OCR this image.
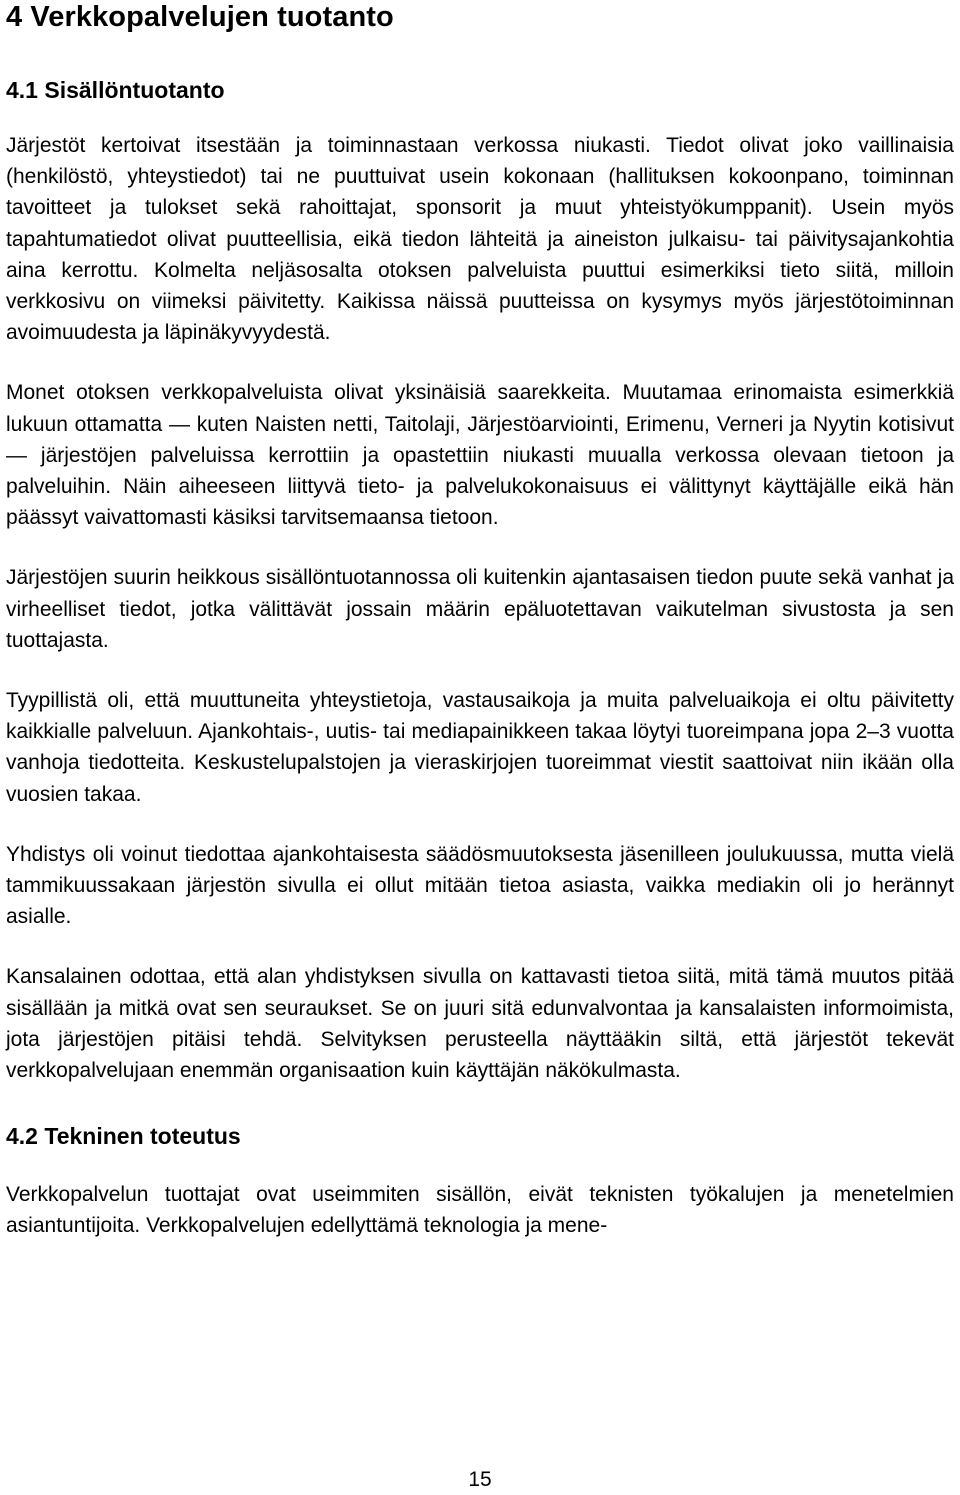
4 Verkkopalvelujen tuotanto
4.1 Sisällöntuotanto

Järjestöt kertoivat itsestään ja toiminnastaan verkossa niukasti. Tiedot olivat joko vaillinaisia (henkilöstö, yhteystiedot) tai ne puuttuivat usein kokonaan (hallituksen kokoonpano, toiminnan tavoitteet ja tulokset sekä rahoittajat, sponsorit ja muut yhteistyökumppanit). Usein myös tapahtumatiedot olivat puutteellisia, eikä tiedon lähteitä ja aineiston julkaisu- tai päivitysajankohtia aina kerrottu. Kolmelta neljäsosalta otoksen palveluista puuttui esimerkiksi tieto siitä, milloin verkkosivu on viimeksi päivitetty. Kaikissa näissä puutteissa on kysymys myös järjestötoiminnan avoimuudesta ja läpinäkyvyydestä.

Monet otoksen verkkopalveluista olivat yksinäisiä saarekkeita. Muutamaa erinomaista esimerkkiä lukuun ottamatta — kuten Naisten netti, Taitolaji, Järjestöarviointi, Erimenu, Verneri ja Nyytin kotisivut — järjestöjen palveluissa kerrottiin ja opastettiin niukasti muualla verkossa olevaan tietoon ja palveluihin. Näin aiheeseen liittyvä tieto- ja palvelukokonaisuus ei välittynyt käyttäjälle eikä hän päässyt vaivattomasti käsiksi tarvitsemaansa tietoon.

Järjestöjen suurin heikkous sisällöntuotannossa oli kuitenkin ajantasaisen tiedon puute sekä vanhat ja virheelliset tiedot, jotka välittävät jossain määrin epäluotettavan vaikutelman sivustosta ja sen tuottajasta.

Tyypillistä oli, että muuttuneita yhteystietoja, vastausaikoja ja muita palveluaikoja ei oltu päivitetty kaikkialle palveluun. Ajankohtais-, uutis- tai mediapainikkeen takaa löytyi tuoreimpana jopa 2–3 vuotta vanhoja tiedotteita. Keskustelupalstojen ja vieraskirjojen tuoreimmat viestit saattoivat niin ikään olla vuosien takaa.

Yhdistys oli voinut tiedottaa ajankohtaisesta säädösmuutoksesta jäsenilleen joulukuussa, mutta vielä tammikuussakaan järjestön sivulla ei ollut mitään tietoa asiasta, vaikka mediakin oli jo herännyt asialle.

Kansalainen odottaa, että alan yhdistyksen sivulla on kattavasti tietoa siitä, mitä tämä muutos pitää sisällään ja mitkä ovat sen seuraukset. Se on juuri sitä edunvalvontaa ja kansalaisten informoimista, jota järjestöjen pitäisi tehdä. Selvityksen perusteella näyttääkin siltä, että järjestöt tekevät verkkopalvelujaan enemmän organisaation kuin käyttäjän näkökulmasta.

4.2 Tekninen toteutus

Verkkopalvelun tuottajat ovat useimmiten sisällön, eivät teknisten työkalujen ja menetelmien asiantuntijoita. Verkkopalvelujen edellyttämä teknologia ja mene-

15
